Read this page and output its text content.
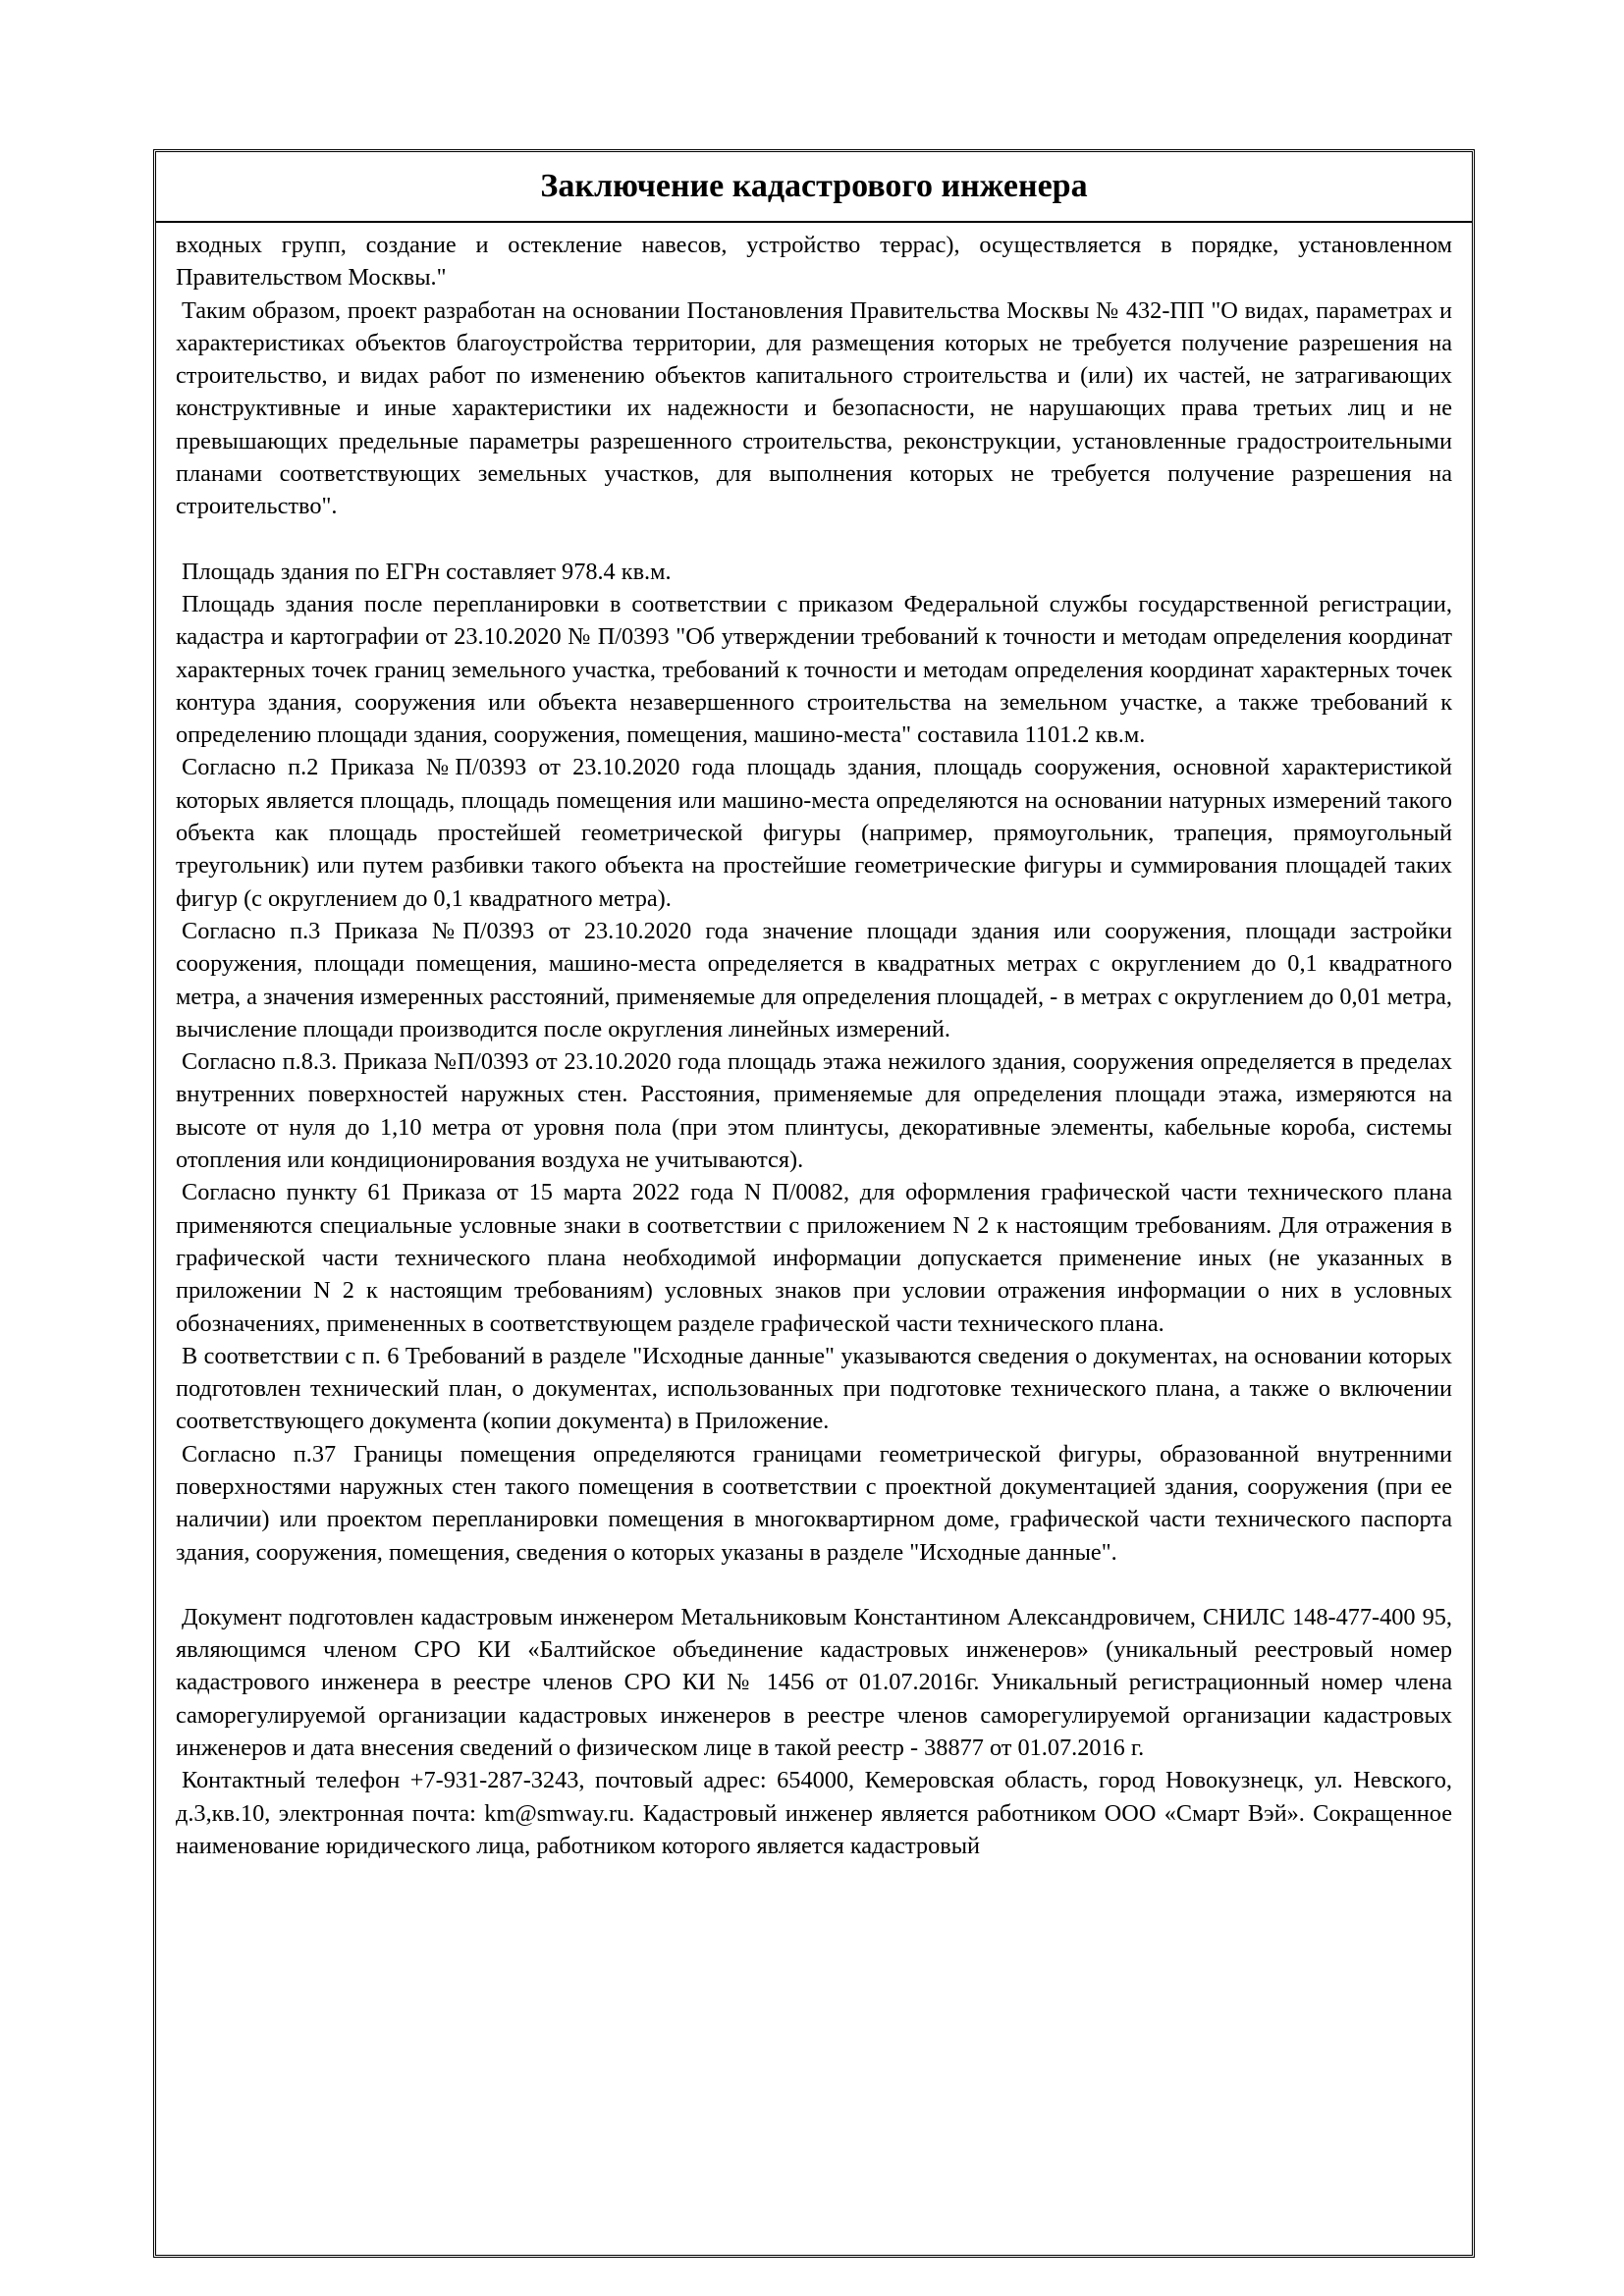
Заключение кадастрового инженера

входных групп, создание и остекление навесов, устройство террас), осуществляется в порядке, установленном Правительством Москвы."

Таким образом, проект разработан на основании Постановления Правительства Москвы № 432-ПП "О видах, параметрах и характеристиках объектов благоустройства территории, для размещения которых не требуется получение разрешения на строительство, и видах работ по изменению объектов капитального строительства и (или) их частей, не затрагивающих конструктивные и иные характеристики их надежности и безопасности, не нарушающих права третьих лиц и не превышающих предельные параметры разрешенного строительства, реконструкции, установленные градостроительными планами соответствующих земельных участков, для выполнения которых не требуется получение разрешения на строительство".

Площадь здания по ЕГРн составляет 978.4 кв.м.

Площадь здания после перепланировки в соответствии с приказом Федеральной службы государственной регистрации, кадастра и картографии от 23.10.2020 № П/0393 "Об утверждении требований к точности и методам определения координат характерных точек границ земельного участка, требований к точности и методам определения координат характерных точек контура здания, сооружения или объекта незавершенного строительства на земельном участке, а также требований к определению площади здания, сооружения, помещения, машино-места" составила 1101.2 кв.м.

Согласно п.2 Приказа №П/0393 от 23.10.2020 года площадь здания, площадь сооружения, основной характеристикой которых является площадь, площадь помещения или машино-места определяются на основании натурных измерений такого объекта как площадь простейшей геометрической фигуры (например, прямоугольник, трапеция, прямоугольный треугольник) или путем разбивки такого объекта на простейшие геометрические фигуры и суммирования площадей таких фигур (с округлением до 0,1 квадратного метра).

Согласно п.3 Приказа №П/0393 от 23.10.2020 года значение площади здания или сооружения, площади застройки сооружения, площади помещения, машино-места определяется в квадратных метрах с округлением до 0,1 квадратного метра, а значения измеренных расстояний, применяемые для определения площадей, - в метрах с округлением до 0,01 метра, вычисление площади производится после округления линейных измерений.

Согласно п.8.3. Приказа №П/0393 от 23.10.2020 года площадь этажа нежилого здания, сооружения определяется в пределах внутренних поверхностей наружных стен. Расстояния, применяемые для определения площади этажа, измеряются на высоте от нуля до 1,10 метра от уровня пола (при этом плинтусы, декоративные элементы, кабельные короба, системы отопления или кондиционирования воздуха не учитываются).

Согласно пункту 61 Приказа от 15 марта 2022 года N П/0082, для оформления графической части технического плана применяются специальные условные знаки в соответствии с приложением N 2 к настоящим требованиям. Для отражения в графической части технического плана необходимой информации допускается применение иных (не указанных в приложении N 2 к настоящим требованиям) условных знаков при условии отражения информации о них в условных обозначениях, примененных в соответствующем разделе графической части технического плана.

В соответствии с п. 6 Требований в разделе "Исходные данные" указываются сведения о документах, на основании которых подготовлен технический план, о документах, использованных при подготовке технического плана, а также о включении соответствующего документа (копии документа) в Приложение.

Согласно п.37 Границы помещения определяются границами геометрической фигуры, образованной внутренними поверхностями наружных стен такого помещения в соответствии с проектной документацией здания, сооружения (при ее наличии) или проектом перепланировки помещения в многоквартирном доме, графической части технического паспорта здания, сооружения, помещения, сведения о которых указаны в разделе "Исходные данные".

Документ подготовлен кадастровым инженером Метальниковым Константином Александровичем, СНИЛС 148-477-400 95, являющимся членом СРО КИ «Балтийское объединение кадастровых инженеров» (уникальный реестровый номер кадастрового инженера в реестре членов СРО КИ № 1456 от 01.07.2016г. Уникальный регистрационный номер члена саморегулируемой организации кадастровых инженеров в реестре членов саморегулируемой организации кадастровых инженеров и дата внесения сведений о физическом лице в такой реестр - 38877 от 01.07.2016 г.

Контактный телефон +7-931-287-3243, почтовый адрес: 654000, Кемеровская область, город Новокузнецк, ул. Невского, д.3,кв.10, электронная почта: km@smway.ru. Кадастровый инженер является работником ООО «Смарт Вэй». Сокращенное наименование юридического лица, работником которого является кадастровый
